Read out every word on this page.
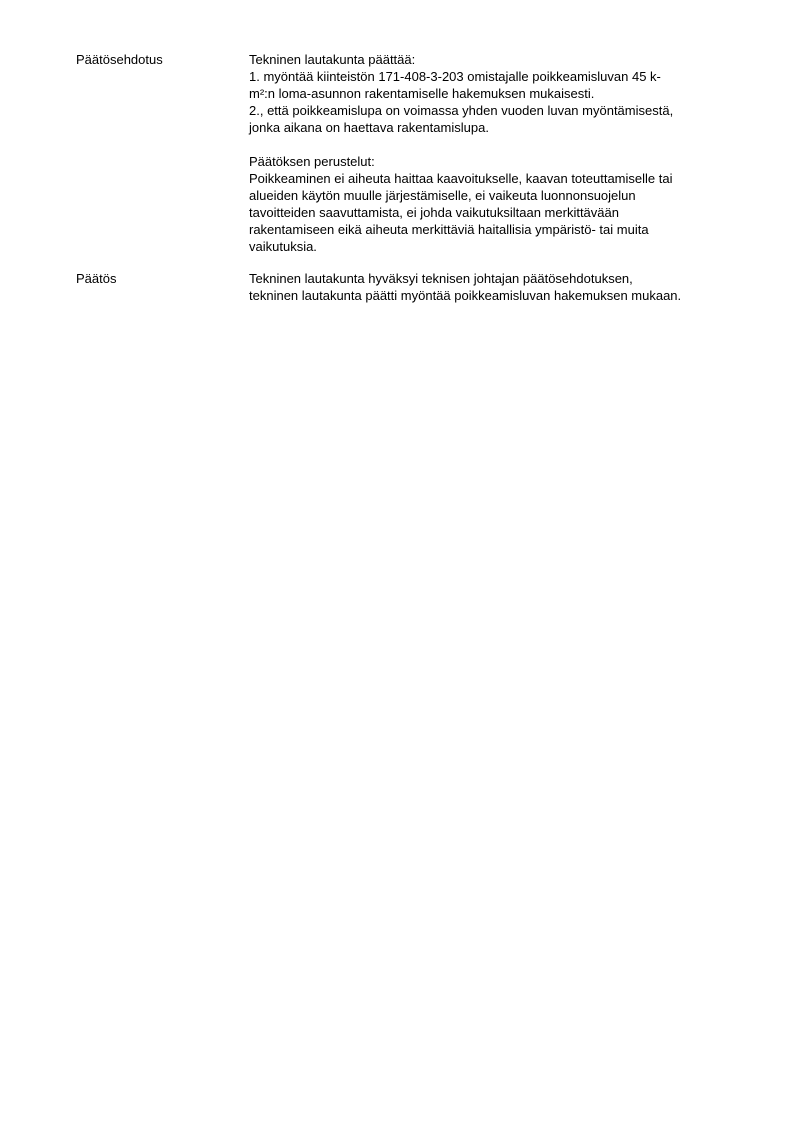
Päätösehdotus	Tekninen lautakunta päättää:
1. myöntää kiinteistön 171-408-3-203 omistajalle poikkeamisluvan 45 k-
m²:n loma-asunnon rakentamiselle hakemuksen mukaisesti.
2., että poikkeamislupa on voimassa yhden vuoden luvan myöntämisestä,
jonka aikana on haettava rakentamislupa.
Päätöksen perustelut:
Poikkeaminen ei aiheuta haittaa kaavoitukselle, kaavan toteuttamiselle tai
alueiden käytön muulle järjestämiselle, ei vaikeuta luonnonsuojelun
tavoitteiden saavuttamista, ei johda vaikutuksiltaan merkittävään
rakentamiseen eikä aiheuta merkittäviä haitallisia ympäristö- tai muita
vaikutuksia.
Päätös	Tekninen lautakunta hyväksyi teknisen johtajan päätösehdotuksen,
tekninen lautakunta päätti myöntää poikkeamisluvan hakemuksen mukaan.
